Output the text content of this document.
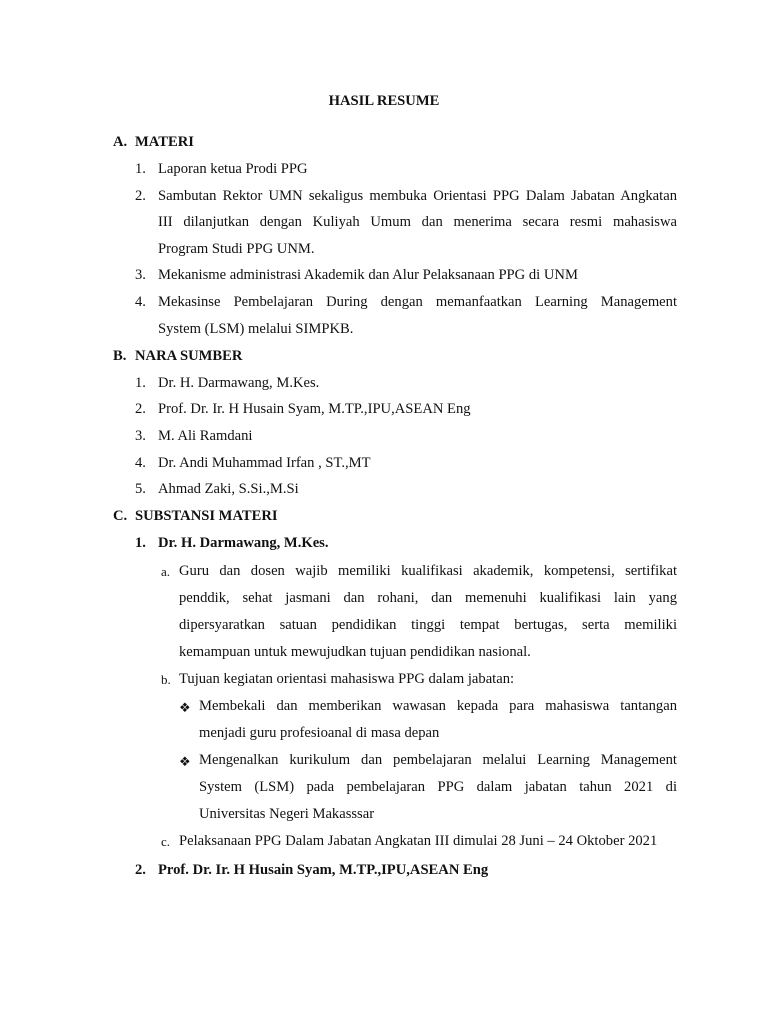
HASIL RESUME
A. MATERI
1. Laporan ketua Prodi PPG
2. Sambutan Rektor UMN sekaligus membuka Orientasi PPG Dalam Jabatan Angkatan
III dilanjutkan dengan Kuliyah Umum dan menerima secara resmi mahasiswa
Program Studi PPG UNM.
3. Mekanisme administrasi Akademik dan Alur Pelaksanaan PPG di UNM
4. Mekasinse Pembelajaran During dengan memanfaatkan Learning Management
System (LSM) melalui SIMPKB.
B. NARA SUMBER
1. Dr. H. Darmawang, M.Kes.
2. Prof. Dr. Ir. H Husain Syam, M.TP.,IPU,ASEAN Eng
3. M. Ali Ramdani
4. Dr. Andi Muhammad Irfan , ST.,MT
5. Ahmad Zaki, S.Si.,M.Si
C. SUBSTANSI MATERI
1. Dr. H. Darmawang, M.Kes.
a. Guru dan dosen wajib memiliki kualifikasi akademik, kompetensi, sertifikat
penddik, sehat jasmani dan rohani, dan memenuhi kualifikasi lain yang
dipersyaratkan satuan pendidikan tinggi tempat bertugas, serta memiliki
kemampuan untuk mewujudkan tujuan pendidikan nasional.
b. Tujuan kegiatan orientasi mahasiswa PPG dalam jabatan:
❖ Membekali dan memberikan wawasan kepada para mahasiswa tantangan
menjadi guru profesioanal di masa depan
❖ Mengenalkan kurikulum dan pembelajaran melalui Learning Management
System (LSM) pada pembelajaran PPG dalam jabatan tahun 2021 di
Universitas Negeri Makasssar
c. Pelaksanaan PPG Dalam Jabatan Angkatan III dimulai 28 Juni – 24 Oktober 2021
2. Prof. Dr. Ir. H Husain Syam, M.TP.,IPU,ASEAN Eng
